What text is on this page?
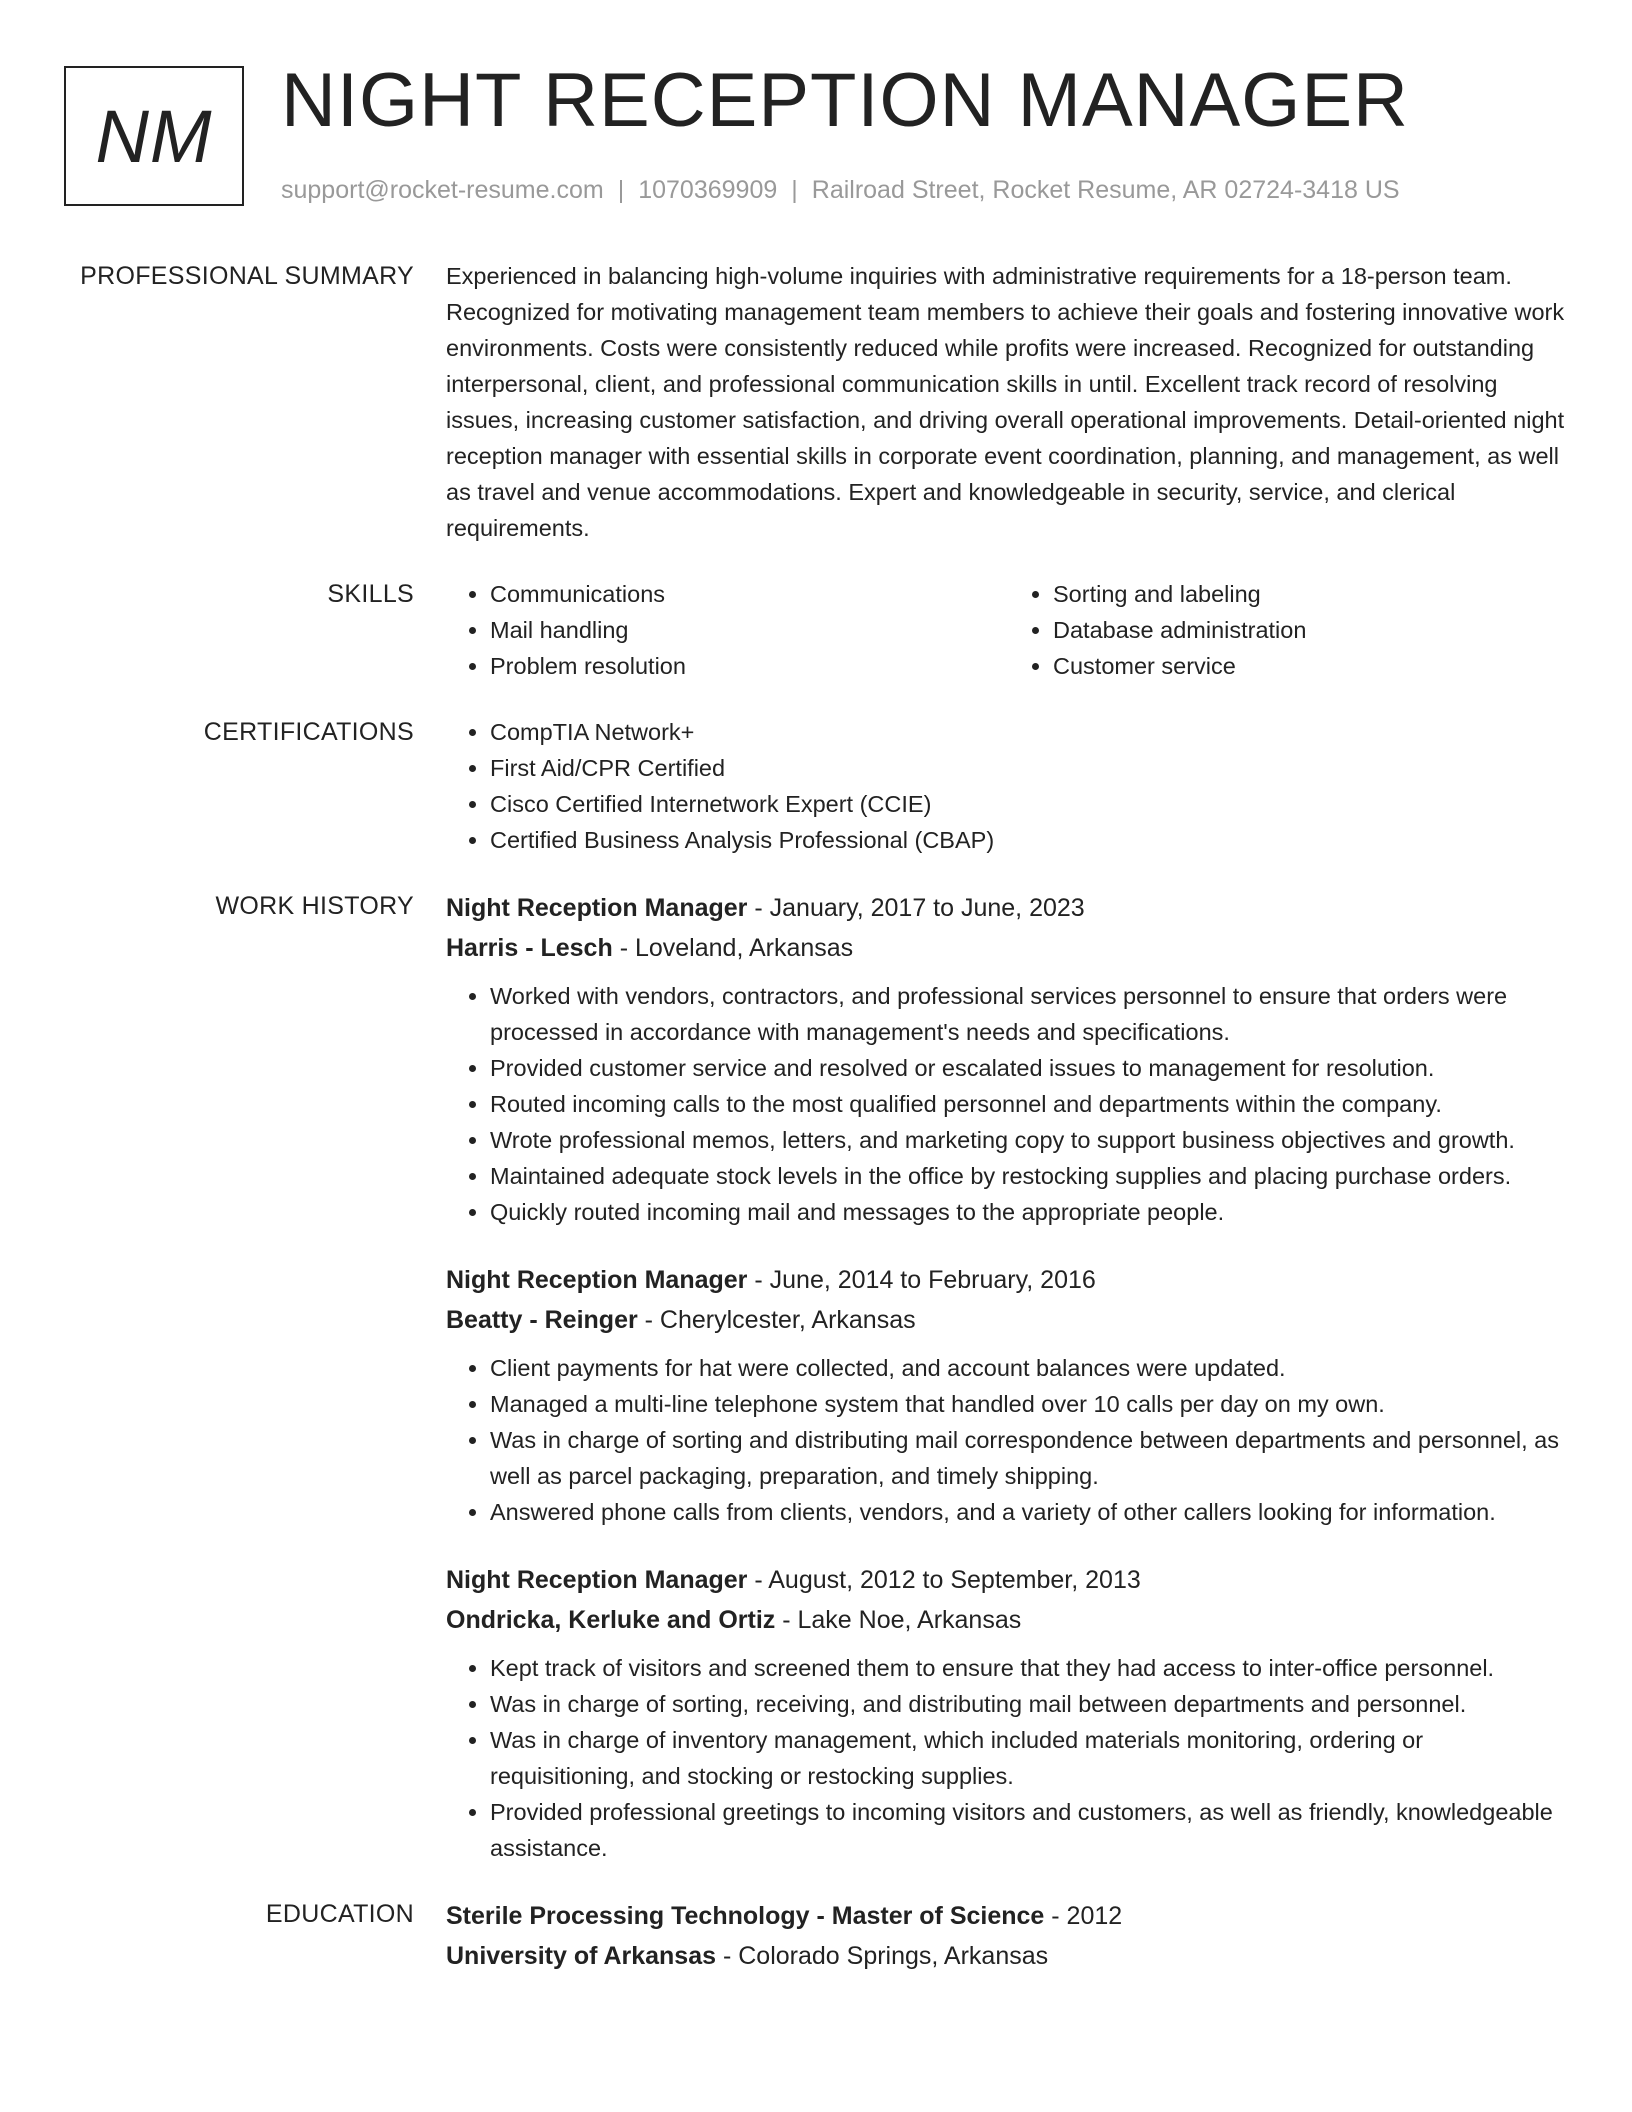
NM NIGHT RECEPTION MANAGER
support@rocket-resume.com | 1070369909 | Railroad Street, Rocket Resume, AR 02724-3418 US
PROFESSIONAL SUMMARY Experienced in balancing high-volume inquiries with administrative requirements for a 18-person team. Recognized for motivating management team members to achieve their goals and fostering innovative work environments. Costs were consistently reduced while profits were increased. Recognized for outstanding interpersonal, client, and professional communication skills in until. Excellent track record of resolving issues, increasing customer satisfaction, and driving overall operational improvements. Detail-oriented night reception manager with essential skills in corporate event coordination, planning, and management, as well as travel and venue accommodations. Expert and knowledgeable in security, service, and clerical requirements.

SKILLS	• Communications
• Mail handling
• Problem resolution
• Sorting and labeling
• Database administration
• Customer service
CERTIFICATIONS	• CompTIA Network+
• First Aid/CPR Certified
• Cisco Certified Internetwork Expert (CCIE)
• Certified Business Analysis Professional (CBAP)
WORK HISTORY Night Reception Manager - January, 2017 to June, 2023
Harris - Lesch - Loveland, Arkansas
• Worked with vendors, contractors, and professional services personnel to ensure that orders were processed in accordance with management's needs and specifications.
• Provided customer service and resolved or escalated issues to management for resolution.
• Routed incoming calls to the most qualified personnel and departments within the company.
• Wrote professional memos, letters, and marketing copy to support business objectives and growth.
• Maintained adequate stock levels in the office by restocking supplies and placing purchase orders.
• Quickly routed incoming mail and messages to the appropriate people.
Night Reception Manager - June, 2014 to February, 2016
Beatty - Reinger - Cherylcester, Arkansas
• Client payments for hat were collected, and account balances were updated.
• Managed a multi-line telephone system that handled over 10 calls per day on my own.
• Was in charge of sorting and distributing mail correspondence between departments and personnel, as well as parcel packaging, preparation, and timely shipping.
• Answered phone calls from clients, vendors, and a variety of other callers looking for information.
Night Reception Manager - August, 2012 to September, 2013
Ondricka, Kerluke and Ortiz - Lake Noe, Arkansas
• Kept track of visitors and screened them to ensure that they had access to inter-office personnel.
• Was in charge of sorting, receiving, and distributing mail between departments and personnel.
• Was in charge of inventory management, which included materials monitoring, ordering or requisitioning, and stocking or restocking supplies.
• Provided professional greetings to incoming visitors and customers, as well as friendly, knowledgeable assistance.
EDUCATION Sterile Processing Technology - Master of Science - 2012
University of Arkansas - Colorado Springs, Arkansas
